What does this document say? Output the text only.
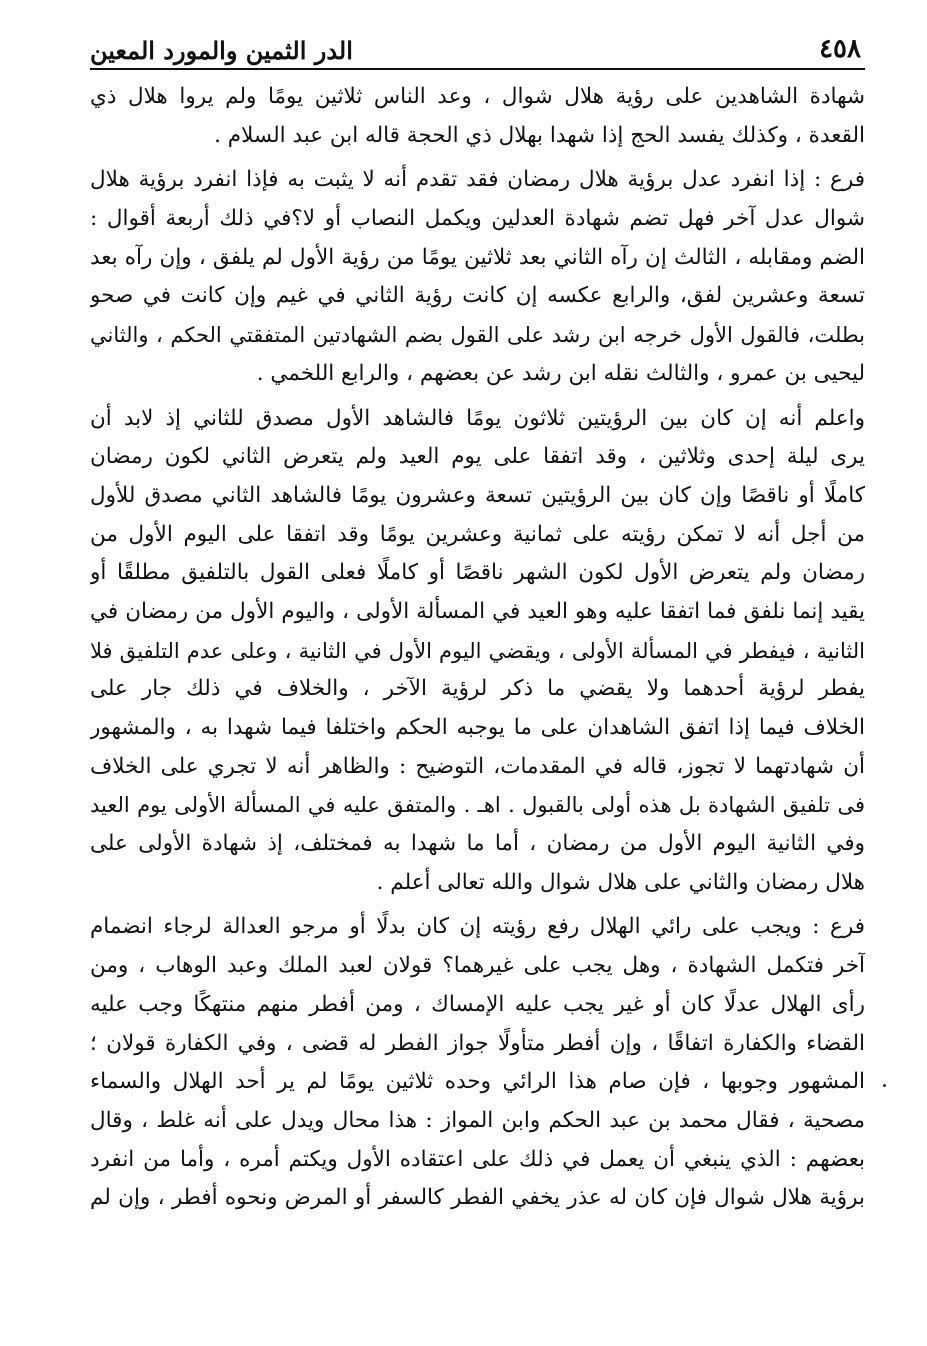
٤٥٨
الدر الثمين والمورد المعين
شهادة الشاهدين على رؤية هلال شوال ، وعد الناس ثلاثين يومًا ولم يروا هلال ذي
القعدة ، وكذلك يفسد الحج إذا شهدا بهلال ذي الحجة قاله ابن عبد السلام .
فرع : إذا انفرد عدل برؤية هلال رمضان فقد تقدم أنه لا يثبت به فإذا انفرد برؤية هلال
شوال عدل آخر فهل تضم شهادة العدلين ويكمل النصاب أو لا؟في ذلك أربعة أقوال :
الضم ومقابله ، الثالث إن رآه الثاني بعد ثلاثين يومًا من رؤية الأول لم يلفق ، وإن رآه بعد
تسعة وعشرين لفق، والرابع عكسه إن كانت رؤية الثاني في غيم وإن كانت في صحو
بطلت، فالقول الأول خرجه ابن رشد على القول بضم الشهادتين المتفقتي الحكم ، والثاني
ليحيى بن عمرو ، والثالث نقله ابن رشد عن بعضهم ، والرابع اللخمي .
واعلم أنه إن كان بين الرؤيتين ثلاثون يومًا فالشاهد الأول مصدق للثاني إذ لابد أن
يرى ليلة إحدى وثلاثين ، وقد اتفقا على يوم العيد ولم يتعرض الثاني لكون رمضان
كاملًا أو ناقصًا وإن كان بين الرؤيتين تسعة وعشرون يومًا فالشاهد الثاني مصدق للأول
من أجل أنه لا تمكن رؤيته على ثمانية وعشرين يومًا وقد اتفقا على اليوم الأول من
رمضان ولم يتعرض الأول لكون الشهر ناقصًا أو كاملًا فعلى القول بالتلفيق مطلقًا أو
يقيد إنما نلفق فما اتفقا عليه وهو العيد في المسألة الأولى ، واليوم الأول من رمضان في
الثانية ، فيفطر في المسألة الأولى ، ويقضي اليوم الأول في الثانية ، وعلى عدم التلفيق فلا
يفطر لرؤية أحدهما ولا يقضي ما ذكر لرؤية الآخر ، والخلاف في ذلك جار على
الخلاف فيما إذا اتفق الشاهدان على ما يوجبه الحكم واختلفا فيما شهدا به ، والمشهور
أن شهادتهما لا تجوز، قاله في المقدمات، التوضيح : والظاهر أنه لا تجري على الخلاف
فى تلفيق الشهادة بل هذه أولى بالقبول . اهـ . والمتفق عليه في المسألة الأولى يوم العيد
وفي الثانية اليوم الأول من رمضان ، أما ما شهدا به فمختلف، إذ شهادة الأولى على
هلال رمضان والثاني على هلال شوال والله تعالى أعلم .
فرع : ويجب على رائي الهلال رفع رؤيته إن كان بدلًا أو مرجو العدالة لرجاء انضمام
آخر فتكمل الشهادة ، وهل يجب على غيرهما؟ قولان لعبد الملك وعبد الوهاب ، ومن
رأى الهلال عدلًا كان أو غير يجب عليه الإمساك ، ومن أفطر منهم منتهكًا وجب عليه
القضاء والكفارة اتفاقًا ، وإن أفطر متأولًا جواز الفطر له قضى ، وفي الكفارة قولان ؛
المشهور وجوبها ، فإن صام هذا الرائي وحده ثلاثين يومًا لم ير أحد الهلال والسماء
مصحية ، فقال محمد بن عبد الحكم وابن المواز : هذا محال ويدل على أنه غلط ، وقال
بعضهم : الذي ينبغي أن يعمل في ذلك على اعتقاده الأول ويكتم أمره ، وأما من انفرد
برؤية هلال شوال فإن كان له عذر يخفي الفطر كالسفر أو المرض ونحوه أفطر ، وإن لم
